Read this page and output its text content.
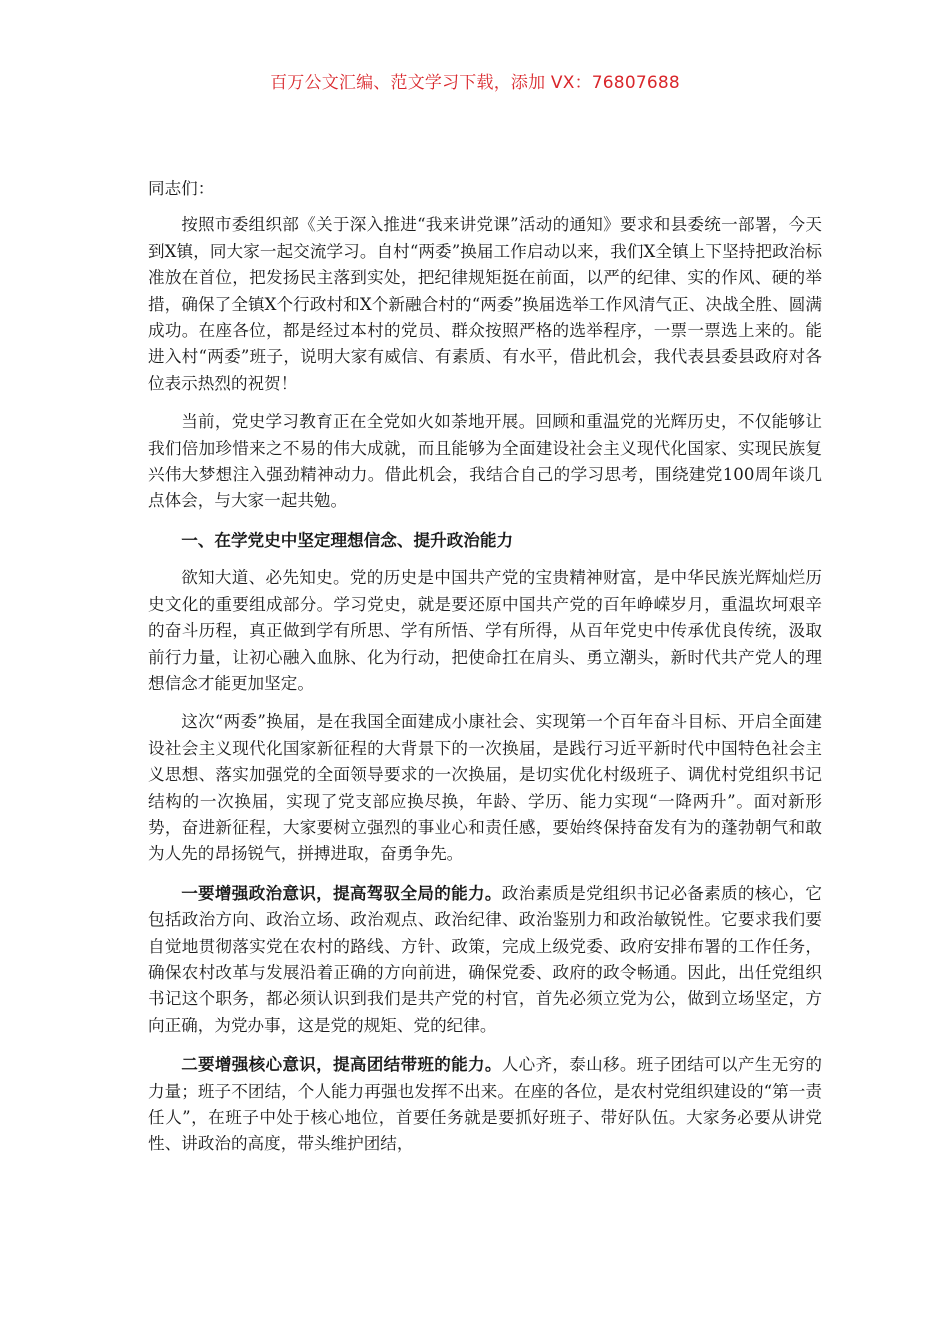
百万公文汇编、范文学习下载，添加 VX：76807688

同志们：

按照市委组织部《关于深入推进“我来讲党课”活动的通知》要求和县委统一部署，今天到X镇，同大家一起交流学习。自村“两委”换届工作启动以来，我们X全镇上下坚持把政治标准放在首位，把发扬民主落到实处，把纪律规矩挺在前面，以严的纪律、实的作风、硬的举措，确保了全镇X个行政村和X个新融合村的“两委”换届选举工作风清气正、决战全胜、圆满成功。在座各位，都是经过本村的党员、群众按照严格的选举程序，一票一票选上来的。能进入村“两委”班子，说明大家有威信、有素质、有水平，借此机会，我代表县委县政府对各位表示热烈的祝贺！

当前，党史学习教育正在全党如火如荼地开展。回顾和重温党的光辉历史，不仅能够让我们倍加珍惜来之不易的伟大成就，而且能够为全面建设社会主义现代化国家、实现民族复兴伟大梦想注入强劲精神动力。借此机会，我结合自己的学习思考，围绕建党100周年谈几点体会，与大家一起共勉。

一、在学党史中坚定理想信念、提升政治能力

欲知大道、必先知史。党的历史是中国共产党的宝贵精神财富，是中华民族光辉灿烂历史文化的重要组成部分。学习党史，就是要还原中国共产党的百年峥嵘岁月，重温坎坷艰辛的奋斗历程，真正做到学有所思、学有所悟、学有所得，从百年党史中传承优良传统，汲取前行力量，让初心融入血脉、化为行动，把使命扛在肩头、勇立潮头，新时代共产党人的理想信念才能更加坚定。

这次“两委”换届，是在我国全面建成小康社会、实现第一个百年奋斗目标、开启全面建设社会主义现代化国家新征程的大背景下的一次换届，是践行习近平新时代中国特色社会主义思想、落实加强党的全面领导要求的一次换届，是切实优化村级班子、调优村党组织书记结构的一次换届，实现了党支部应换尽换，年龄、学历、能力实现“一降两升”。面对新形势，奋进新征程，大家要树立强烈的事业心和责任感，要始终保持奋发有为的蓬勃朝气和敢为人先的昂扬锐气，拼搏进取，奋勇争先。

一要增强政治意识，提高驾驭全局的能力。政治素质是党组织书记必备素质的核心，它包括政治方向、政治立场、政治观点、政治纪律、政治鉴别力和政治敏锐性。它要求我们要自觉地贯彻落实党在农村的路线、方针、政策，完成上级党委、政府安排布署的工作任务，确保农村改革与发展沿着正确的方向前进，确保党委、政府的政令畅通。因此，出任党组织书记这个职务，都必须认识到我们是共产党的村官，首先必须立党为公，做到立场坚定，方向正确，为党办事，这是党的规矩、党的纪律。

二要增强核心意识，提高团结带班的能力。人心齐，泰山移。班子团结可以产生无穷的力量；班子不团结，个人能力再强也发挥不出来。在座的各位，是农村党组织建设的“第一责任人”，在班子中处于核心地位，首要任务就是要抓好班子、带好队伍。大家务必要从讲党性、讲政治的高度，带头维护团结，
